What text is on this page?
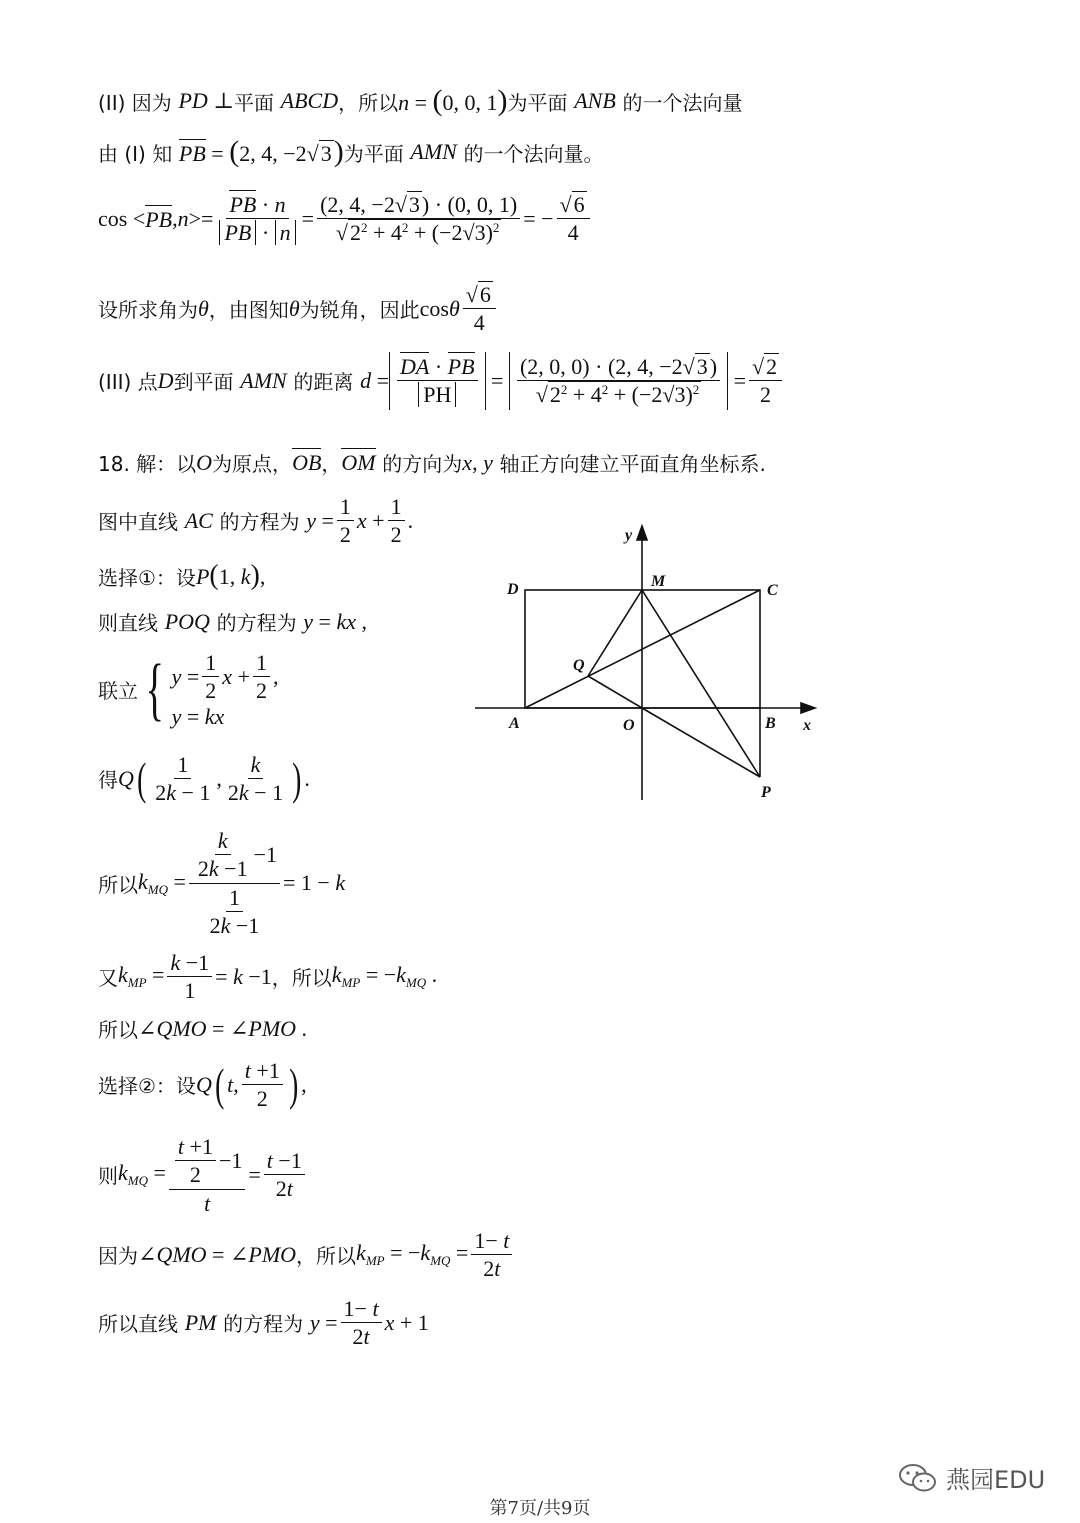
(II) 因为
PD ⊥ 平面
ABCD ，所以 n = (0, 0, 1) 为平面
ANB
的一个法向量
由 (I) 知
PB = (2, 4, −2√3) 为平面
AMN
的一个法向量。
cos < PB , $n >= \frac{PB \cdot n}{PB \cdot n} = \frac{(2, 4, -2√3) \cdot (0, 0, 1)}{√2^2 + 4^2 + (-2√3)^2}$ = − $\frac{√6}{4}$
设所求角为 θ ，由图知 θ 为锐角，因此 cosθ $\frac{√6}{4}$
(III) 点 D 到平面
AMN
的距离
$d = \frac{DA \cdot PB}{PH} = \frac{(2, 0, 0) \cdot (2, 4, -2√3)}{√2^2 + 4^2 + (-2√3)^2} = \frac{√2}{2}$
18. 解：以 O 为原点， OB ， OM
的方向为 x, y
轴正方向建立平面直角坐标系.
图中直线
AC
的方程为
$y = \frac{1}{2}$ $x + \frac{1}{2}$ .
选择①：设 P(1, k),
则直线
POQ
的方程为
y = kx ,
联立 { $y = \frac{1}{2}$ $x + \frac{1}{2}$ ,
y = kx
得 Q ( $\frac{1}{2k - 1}$ , $\frac{k}{2k - 1}$ ) .
所以 $k_{MQ} = \frac{\frac{k}{2k -1} -1}{\frac{1}{2k -1}} = 1 - k$
又 $k_{MP} = \frac{k -1}{1} = k -1$ ，所以 $k_{MP} = -k_{MQ}$ .
所以 ∠QMO = ∠PMO .
选择②：设 Q ( t, $\frac{t +1}{2}$ ) ,
则 $k_{MQ} = \frac{\frac{t +1}{2} -1}{t} = \frac{t -1}{2t}$
因为 ∠QMO = ∠PMO ，所以 $k_{MP} = -k_{MQ} = \frac{1- t}{2t}$
所以直线
PM
的方程为
$y = \frac{1- t}{2t}$ x + 1
y
x
D	M
C
Q
A	O	B
P
燕园EDU
第7页/共9页
